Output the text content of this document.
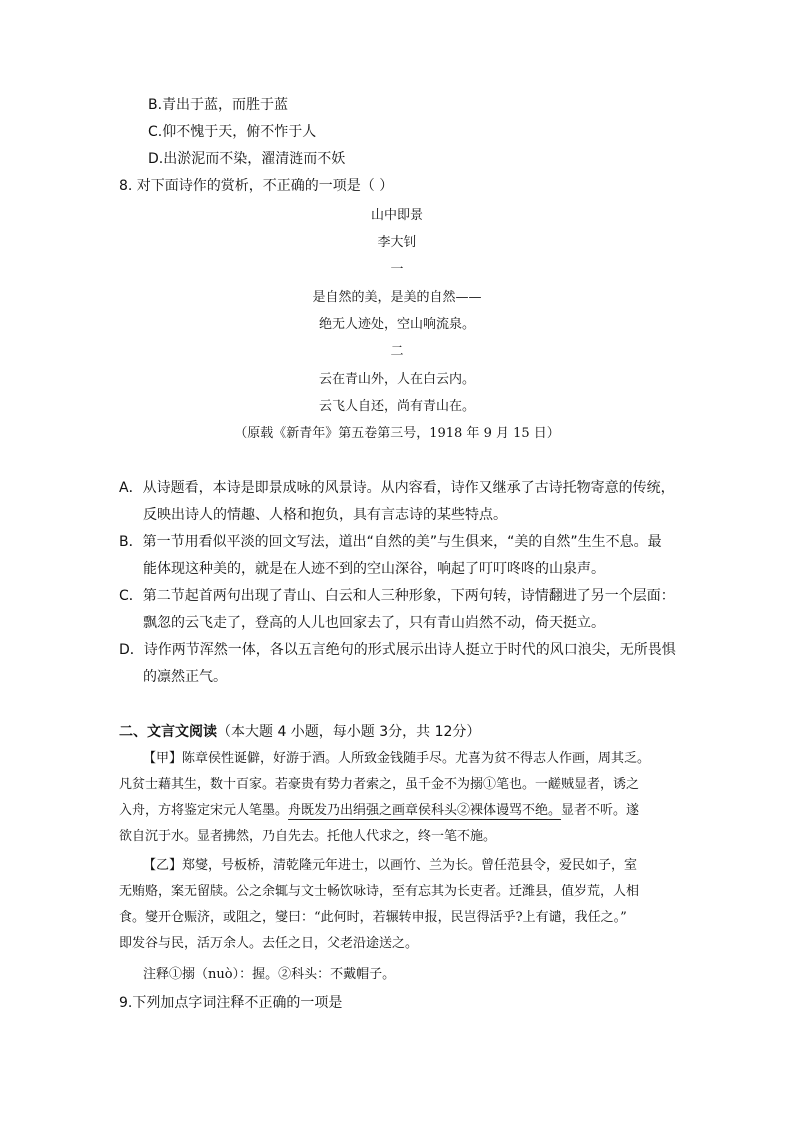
B.青出于蓝，而胜于蓝
C.仰不愧于天，俯不怍于人
D.出淤泥而不染，濯清涟而不妖
8. 对下面诗作的赏析，不正确的一项是（ ）
山中即景
李大钊
一
是自然的美，是美的自然——
绝无人迹处，空山响流泉。
二
云在青山外，人在白云内。
云飞人自还，尚有青山在。
（原载《新青年》第五卷第三号，1918 年 9 月 15 日）
A．从诗题看，本诗是即景成咏的风景诗。从内容看，诗作又继承了古诗托物寄意的传统，
反映出诗人的情趣、人格和抱负，具有言志诗的某些特点。
B．第一节用看似平淡的回文写法，道出“自然的美”与生俱来，“美的自然”生生不息。最
能体现这种美的，就是在人迹不到的空山深谷，响起了叮叮咚咚的山泉声。
C．第二节起首两句出现了青山、白云和人三种形象，下两句转，诗情翻进了另一个层面：
飘忽的云飞走了，登高的人儿也回家去了，只有青山岿然不动，倚天挺立。
D．诗作两节浑然一体，各以五言绝句的形式展示出诗人挺立于时代的风口浪尖，无所畏惧
的凛然正气。
二、文言文阅读（本大题 4 小题，每小题 3分，共 12分）
【甲】陈章侯性诞僻，好游于酒。人所致金钱随手尽。尤喜为贫不得志人作画，周其乏。
凡贫士藉其生，数十百家。若豪贵有势力者索之，虽千金不为搦①笔也。一鹾贼显者，诱之
入舟，方将鉴定宋元人笔墨。舟既发乃出绢强之画章侯科头②裸体谩骂不绝。显者不听。遂
欲自沉于水。显者拂然，乃自先去。托他人代求之，终一笔不施。
【乙】郑燮，号板桥，清乾隆元年进士，以画竹、兰为长。曾任范县令，爱民如子，室
无贿赂，案无留牍。公之余辄与文士畅饮咏诗，至有忘其为长吏者。迁潍县，值岁荒，人相
食。燮开仓赈济，或阻之，燮曰：“此何时，若辗转申报，民岂得活乎?上有谴，我任之。”
即发谷与民，活万余人。去任之日，父老沿途送之。
注释①搦（nuò）：握。②科头：不戴帽子。
9.下列加点字词注释不正确的一项是
